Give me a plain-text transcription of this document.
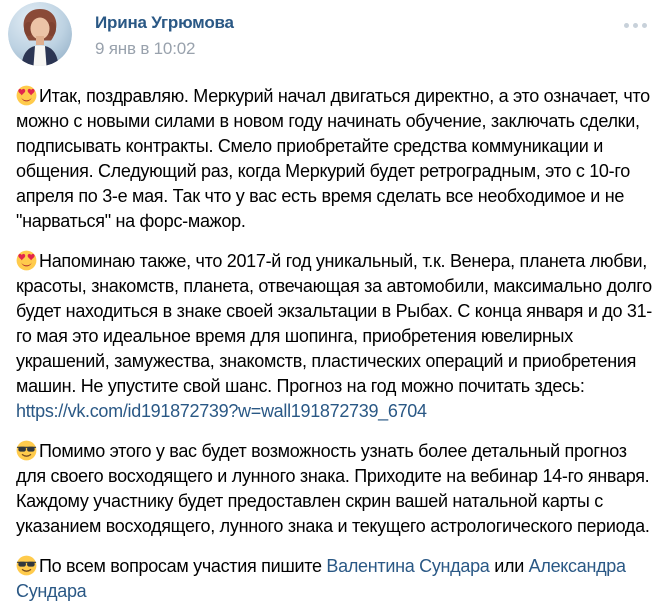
Ирина Угрюмова
9 янв в 10:02

Итак, поздравляю. Меркурий начал двигаться директно, а это означает, что можно с новыми силами в новом году начинать обучение, заключать сделки, подписывать контракты. Смело приобретайте средства коммуникации и общения. Следующий раз, когда Меркурий будет ретроградным, это с 10-го апреля по 3-е мая. Так что у вас есть время сделать все необходимое и не "нарваться" на форс-мажор.

Напоминаю также, что 2017-й год уникальный, т.к. Венера, планета любви, красоты, знакомств, планета, отвечающая за автомобили, максимально долго будет находиться в знаке своей экзальтации в Рыбах. С конца января и до 31-го мая это идеальное время для шопинга, приобретения ювелирных украшений, замужества, знакомств, пластических операций и приобретения машин. Не упустите свой шанс. Прогноз на год можно почитать здесь: https://vk.com/id191872739?w=wall191872739_6704

Помимо этого у вас будет возможность узнать более детальный прогноз для своего восходящего и лунного знака. Приходите на вебинар 14-го января. Каждому участнику будет предоставлен скрин вашей натальной карты с указанием восходящего, лунного знака и текущего астрологического периода.

По всем вопросам участия пишите Валентина Сундара или Александра Сундара
